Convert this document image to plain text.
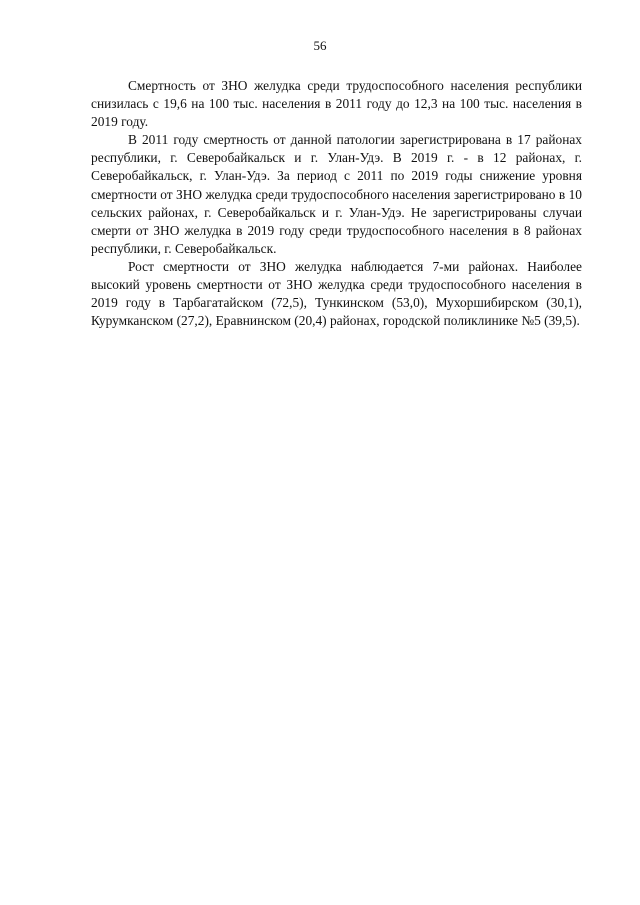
56

Смертность от ЗНО желудка среди трудоспособного населения республики снизилась с 19,6 на 100 тыс. населения в 2011 году до 12,3 на 100 тыс. населения в 2019 году.

В 2011 году смертность от данной патологии зарегистрирована в 17 районах республики, г. Северобайкальск и г. Улан-Удэ. В 2019 г. - в 12 районах, г. Северобайкальск, г. Улан-Удэ. За период с 2011 по 2019 годы снижение уровня смертности от ЗНО желудка среди трудоспособного населения зарегистрировано в 10 сельских районах, г. Северобайкальск и г. Улан-Удэ. Не зарегистрированы случаи смерти от ЗНО желудка в 2019 году среди трудоспособного населения в 8 районах республики, г. Северобайкальск.

Рост смертности от ЗНО желудка наблюдается 7-ми районах. Наиболее высокий уровень смертности от ЗНО желудка среди трудоспособного населения в 2019 году в Тарбагатайском (72,5), Тункинском (53,0), Мухоршибирском (30,1), Курумканском (27,2), Еравнинском (20,4) районах, городской поликлинике №5 (39,5).
